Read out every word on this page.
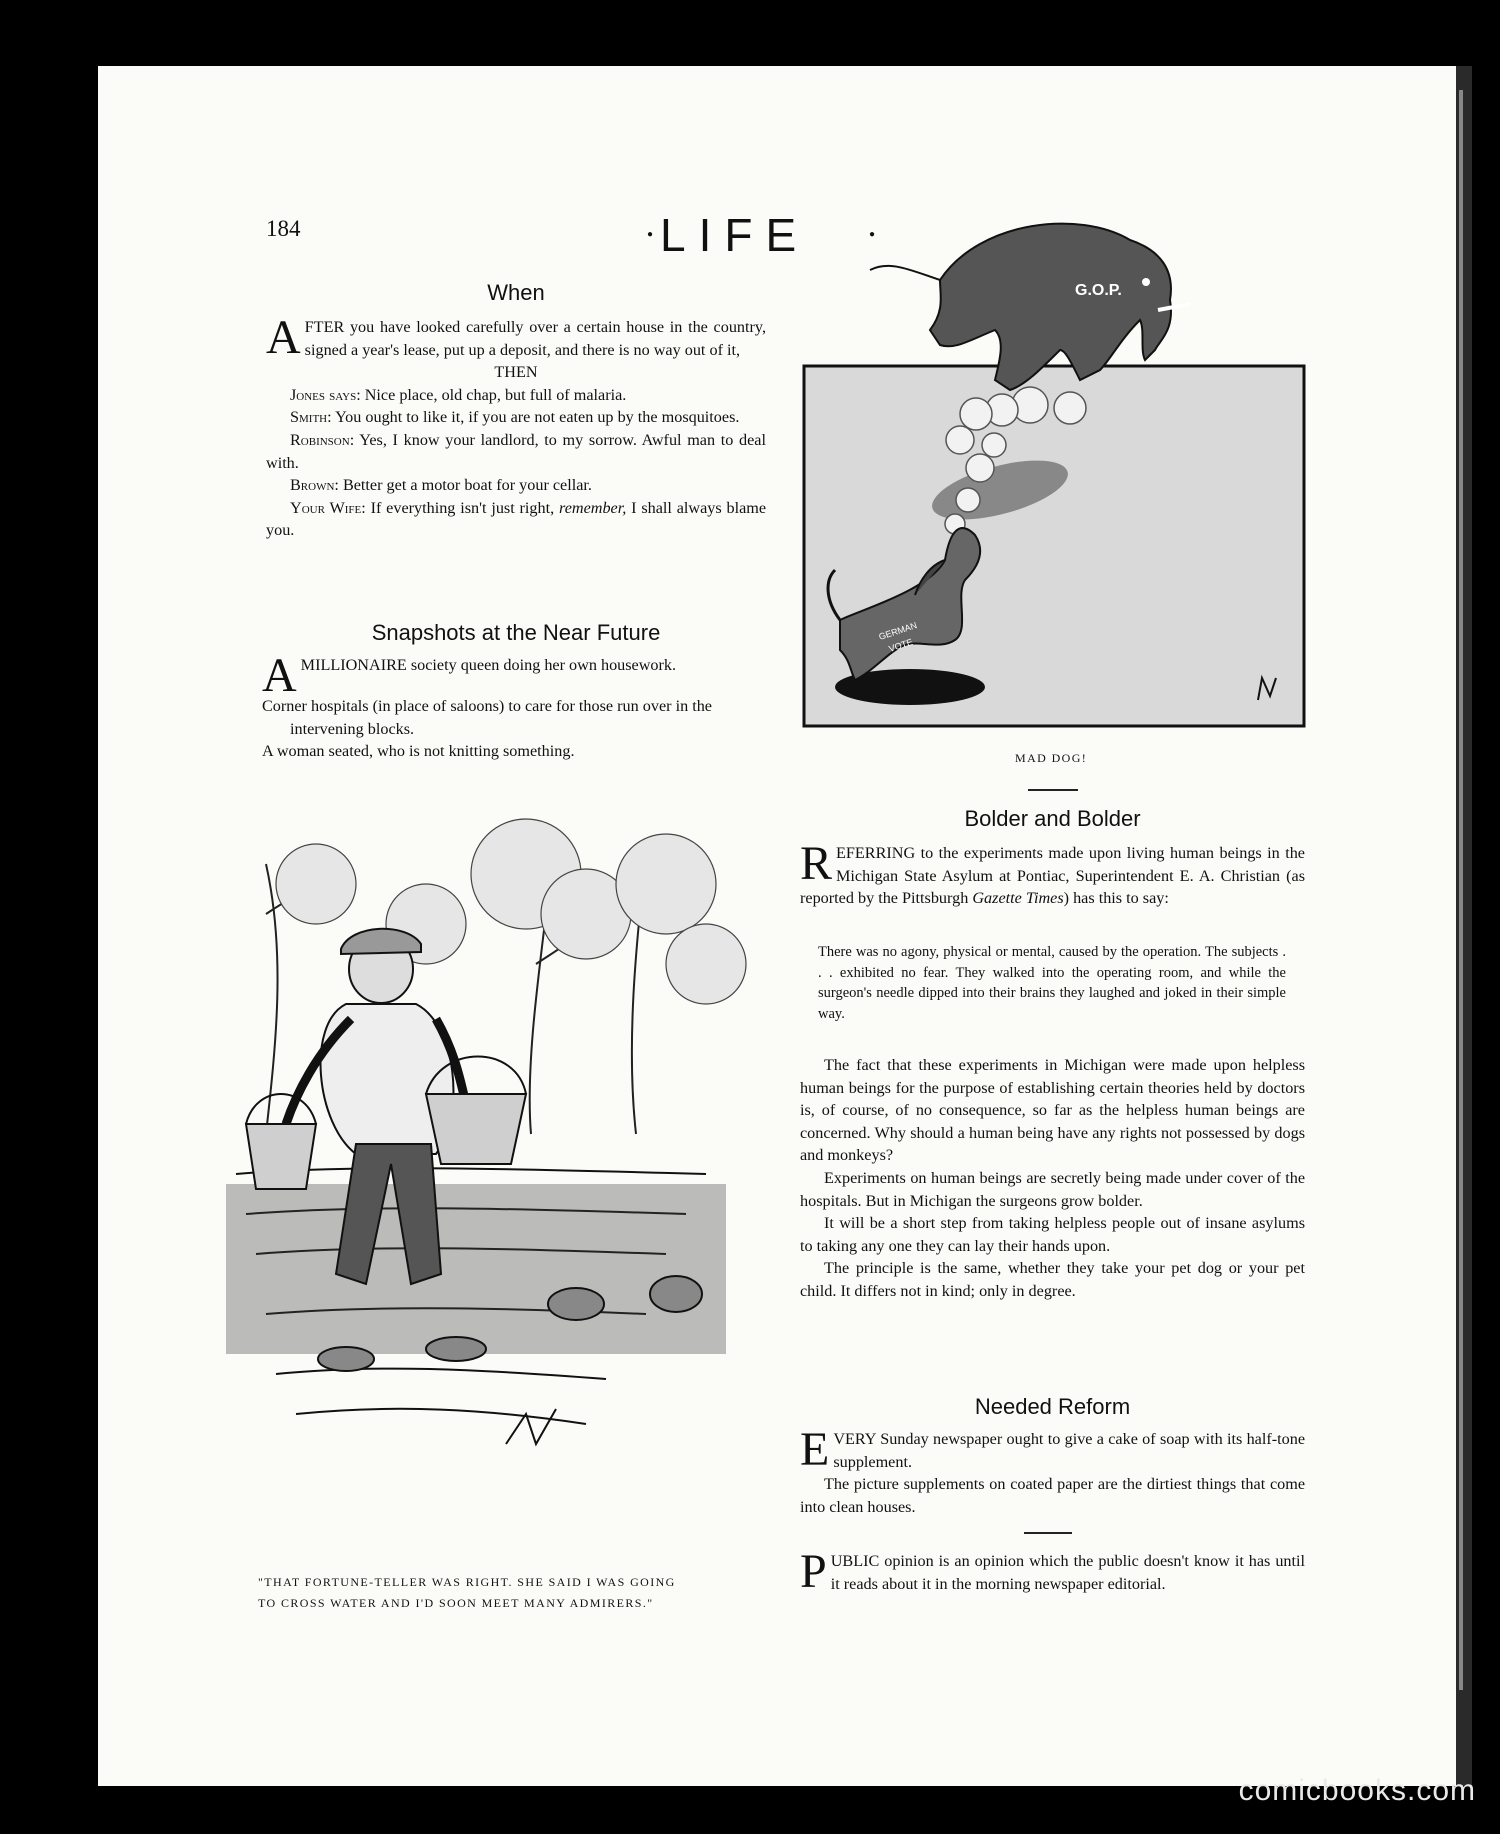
184	● LIFE	●
When

AFTER you have looked carefully over a certain house in the country, signed a year's lease, put up a deposit, and there is no way out of it,

THEN

Jones says: Nice place, old chap, but full of malaria.

Smith: You ought to like it, if you are not eaten up by the mosquitoes.

Robinson: Yes, I know your landlord, to my sorrow. Awful man to deal with.

Brown: Better get a motor boat for your cellar.

Your Wife: If everything isn't just right, remember, I shall always blame you.

Snapshots at the Near Future

AMILLIONAIRE society queen doing her own housework.

Corner hospitals (in place of saloons) to care for those run over in the intervening blocks.

A woman seated, who is not knitting something.

G.O.P.
GERMAN
VOTE
MAD DOG!
"THAT FORTUNE-TELLER WAS RIGHT. SHE SAID I WAS GOING
TO CROSS WATER AND I'D SOON MEET MANY ADMIRERS."
Bolder and Bolder

REFERRING to the experiments made upon living human beings in the Michigan State Asylum at Pontiac, Superintendent E. A. Christian (as reported by the Pittsburgh Gazette Times) has this to say:

There was no agony, physical or mental, caused by the operation. The subjects . . . exhibited no fear. They walked into the operating room, and while the surgeon's needle dipped into their brains they laughed and joked in their simple way.

The fact that these experiments in Michigan were made upon helpless human beings for the purpose of establishing certain theories held by doctors is, of course, of no consequence, so far as the helpless human beings are concerned. Why should a human being have any rights not possessed by dogs and monkeys?

Experiments on human beings are secretly being made under cover of the hospitals. But in Michigan the surgeons grow bolder.

It will be a short step from taking helpless people out of insane asylums to taking any one they can lay their hands upon.

The principle is the same, whether they take your pet dog or your pet child. It differs not in kind; only in degree.

Needed Reform

EVERY Sunday newspaper ought to give a cake of soap with its half-tone supplement.

The picture supplements on coated paper are the dirtiest things that come into clean houses.

PUBLIC opinion is an opinion which the public doesn't know it has until it reads about it in the morning newspaper editorial.

comicbooks.com
